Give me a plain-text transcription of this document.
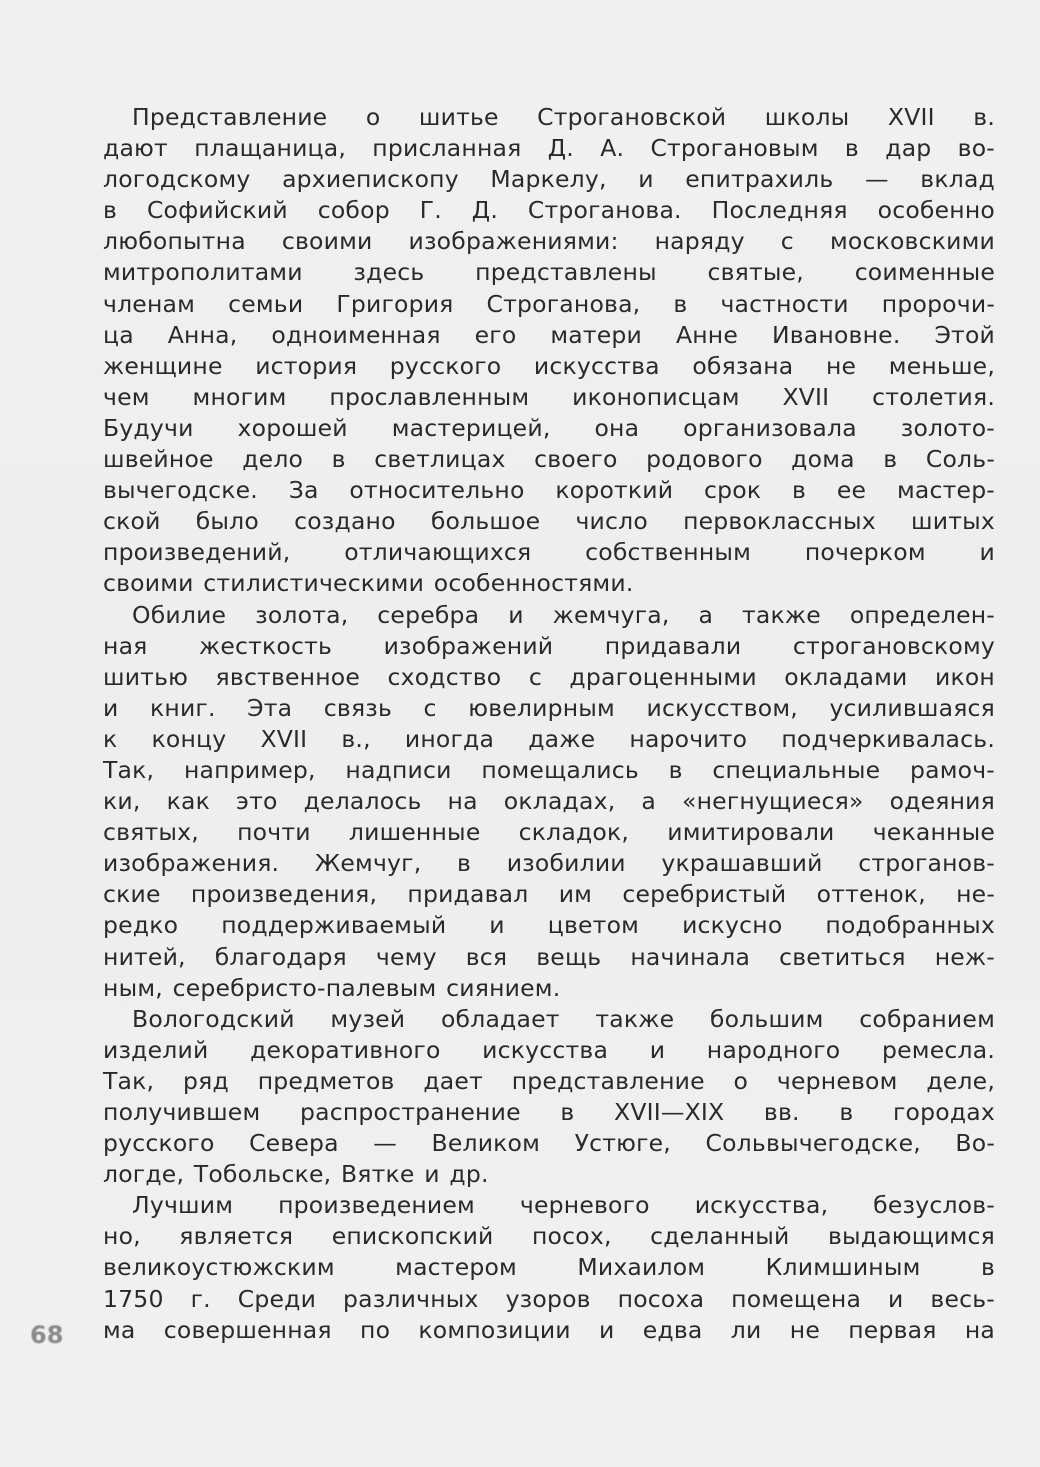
Представление о шитье Строгановской школы XVII в.
дают плащаница, присланная Д. А. Строгановым в дар во-
логодскому архиепископу Маркелу, и епитрахиль — вклад
в Софийский собор Г. Д. Строганова. Последняя особенно
любопытна своими изображениями: наряду с московскими
митрополитами здесь представлены святые, соименные
членам семьи Григория Строганова, в частности пророчи-
ца Анна, одноименная его матери Анне Ивановне. Этой
женщине история русского искусства обязана не меньше,
чем многим прославленным иконописцам XVII столетия.
Будучи хорошей мастерицей, она организовала золото-
швейное дело в светлицах своего родового дома в Соль-
вычегодске. За относительно короткий срок в ее мастер-
ской было создано большое число первоклассных шитых
произведений, отличающихся собственным почерком и
своими стилистическими особенностями.
Обилие золота, серебра и жемчуга, а также определен-
ная жесткость изображений придавали строгановскому
шитью явственное сходство с драгоценными окладами икон
и книг. Эта связь с ювелирным искусством, усилившаяся
к концу XVII в., иногда даже нарочито подчеркивалась.
Так, например, надписи помещались в специальные рамоч-
ки, как это делалось на окладах, а «негнущиеся» одеяния
святых, почти лишенные складок, имитировали чеканные
изображения. Жемчуг, в изобилии украшавший строганов-
ские произведения, придавал им серебристый оттенок, не-
редко поддерживаемый и цветом искусно подобранных
нитей, благодаря чему вся вещь начинала светиться неж-
ным, серебристо-палевым сиянием.
Вологодский музей обладает также большим собранием
изделий декоративного искусства и народного ремесла.
Так, ряд предметов дает представление о черневом деле,
получившем распространение в XVII—XIX вв. в городах
русского Севера — Великом Устюге, Сольвычегодске, Во-
логде, Тобольске, Вятке и др.
Лучшим произведением черневого искусства, безуслов-
но, является епископский посох, сделанный выдающимся
великоустюжским мастером Михаилом Климшиным в
1750 г. Среди различных узоров посоха помещена и весь-
ма совершенная по композиции и едва ли не первая на
68
